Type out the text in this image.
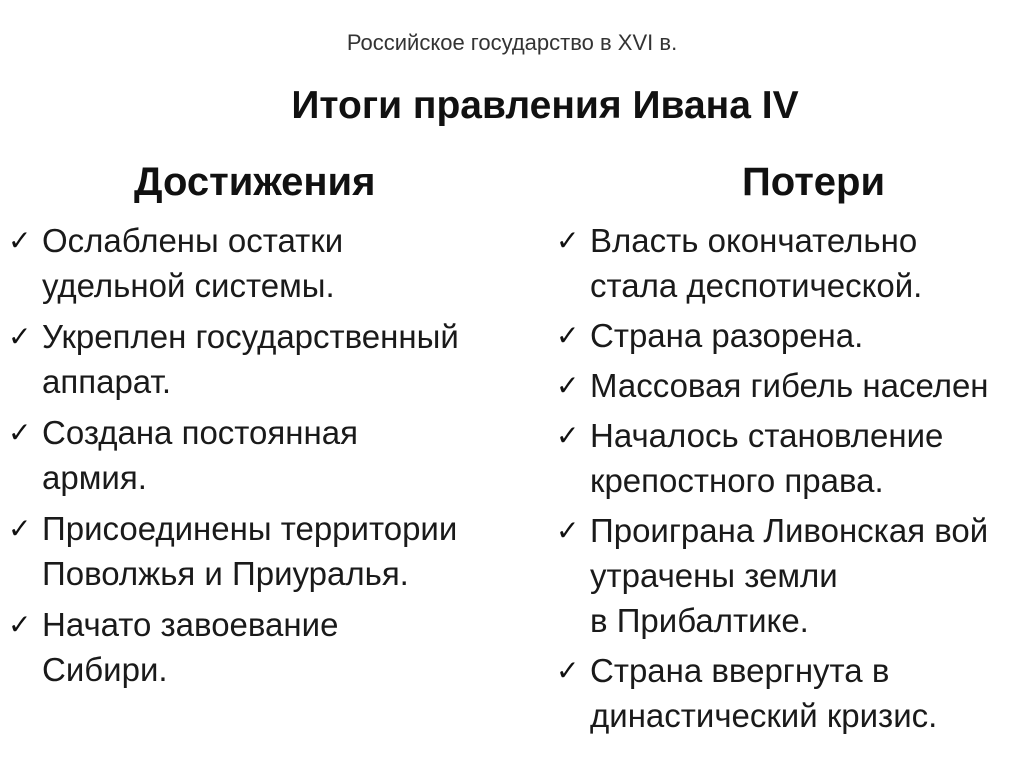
Российское государство в XVI в.
Итоги правления Ивана IV
Достижения	Потери
✓ Ослаблены остатки
удельной системы.
✓ Укреплен государственный
аппарат.
✓ Создана постоянная
армия.
✓ Присоединены территории
Поволжья и Приуралья.
✓ Начато завоевание
Сибири.
✓ Власть окончательно
стала деспотической.
✓ Страна разорена.
✓ Массовая гибель населен
✓ Началось становление
крепостного права.
✓ Проиграна Ливонская вой
утрачены земли
в Прибалтике.
✓ Страна ввергнута в
династический кризис.
